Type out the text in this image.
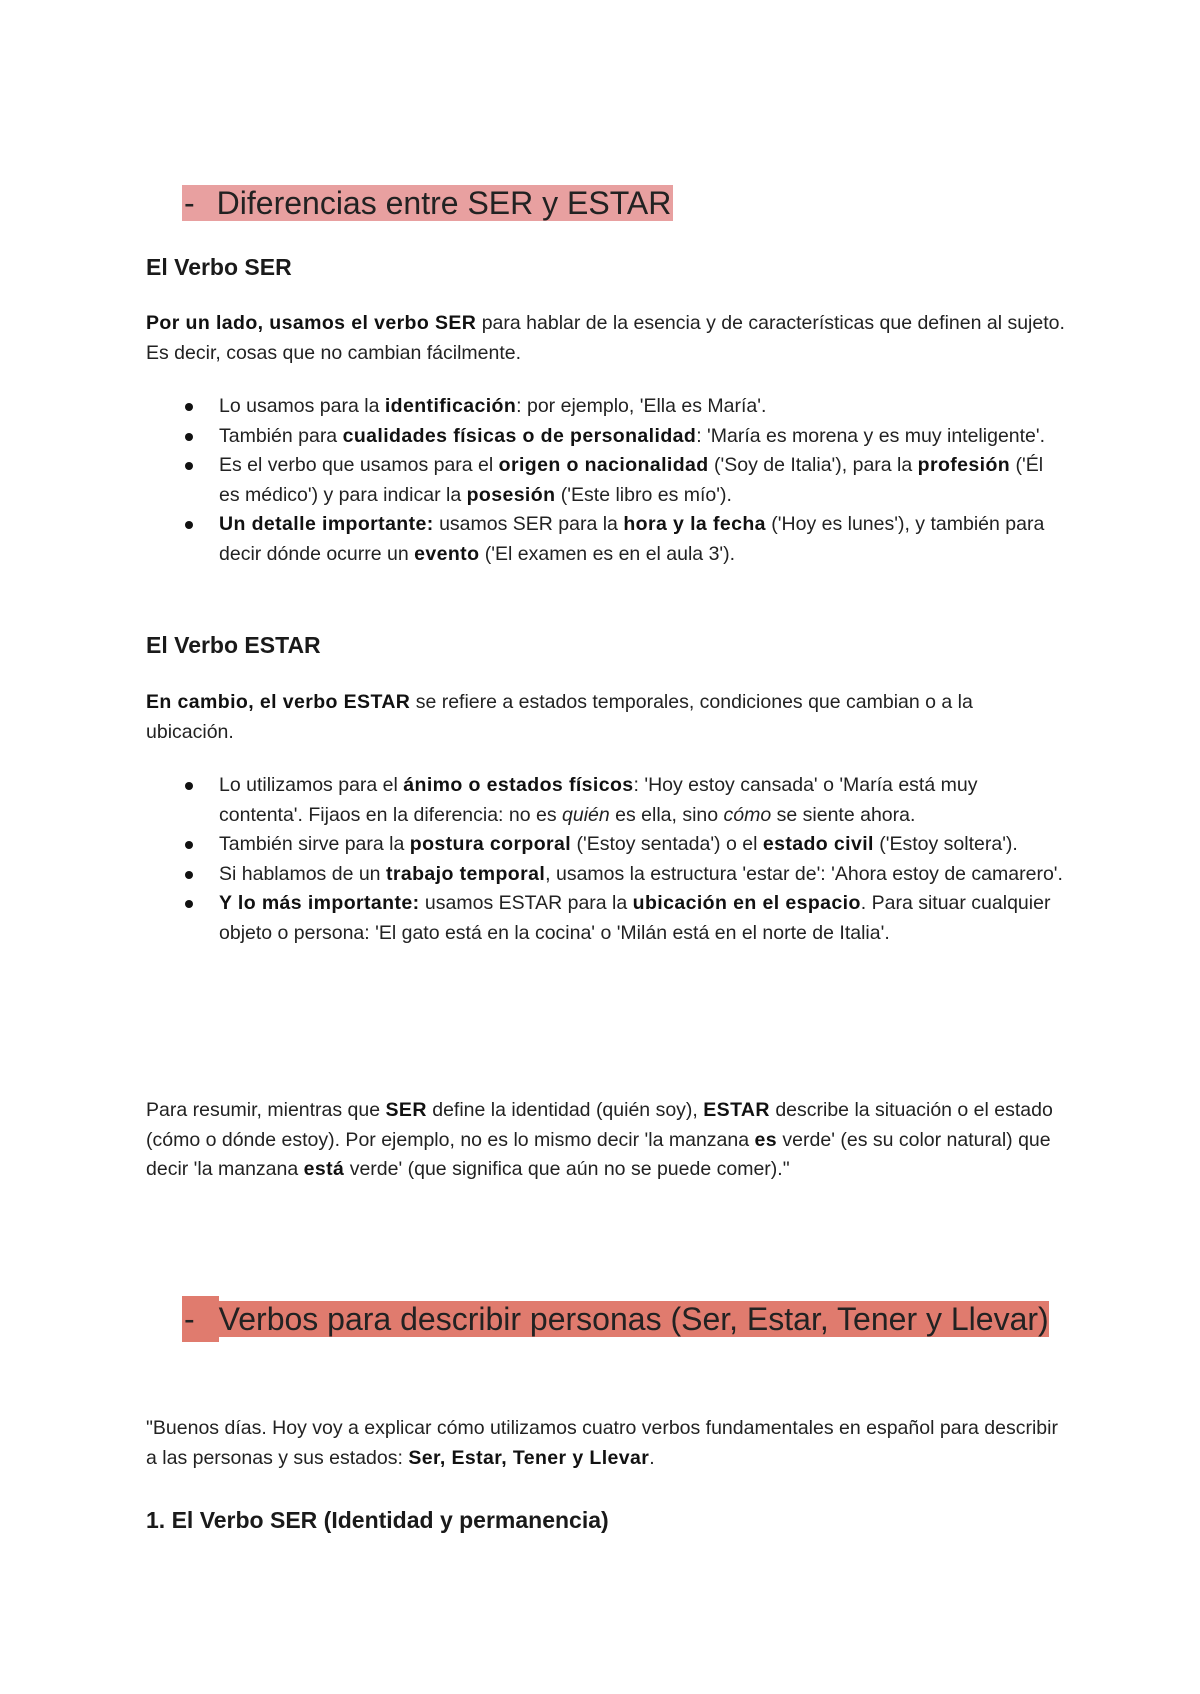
- Diferencias entre SER y ESTAR
El Verbo SER

Por un lado, usamos el verbo SER para hablar de la esencia y de características que definen al sujeto. Es decir, cosas que no cambian fácilmente.

Lo usamos para la identificación: por ejemplo, 'Ella es María'.
También para cualidades físicas o de personalidad: 'María es morena y es muy inteligente'.
Es el verbo que usamos para el origen o nacionalidad ('Soy de Italia'), para la profesión ('Él es médico') y para indicar la posesión ('Este libro es mío').
Un detalle importante: usamos SER para la hora y la fecha ('Hoy es lunes'), y también para decir dónde ocurre un evento ('El examen es en el aula 3').
El Verbo ESTAR

En cambio, el verbo ESTAR se refiere a estados temporales, condiciones que cambian o a la ubicación.

Lo utilizamos para el ánimo o estados físicos: 'Hoy estoy cansada' o 'María está muy contenta'. Fijaos en la diferencia: no es quién es ella, sino cómo se siente ahora.
También sirve para la postura corporal ('Estoy sentada') o el estado civil ('Estoy soltera').
Si hablamos de un trabajo temporal, usamos la estructura 'estar de': 'Ahora estoy de camarero'.
Y lo más importante: usamos ESTAR para la ubicación en el espacio. Para situar cualquier objeto o persona: 'El gato está en la cocina' o 'Milán está en el norte de Italia'.

Para resumir, mientras que SER define la identidad (quién soy), ESTAR describe la situación o el estado (cómo o dónde estoy). Por ejemplo, no es lo mismo decir 'la manzana es verde' (es su color natural) que decir 'la manzana está verde' (que significa que aún no se puede comer)."

- Verbos para describir personas (Ser, Estar, Tener y Llevar)

"Buenos días. Hoy voy a explicar cómo utilizamos cuatro verbos fundamentales en español para describir a las personas y sus estados: Ser, Estar, Tener y Llevar.

1. El Verbo SER (Identidad y permanencia)
